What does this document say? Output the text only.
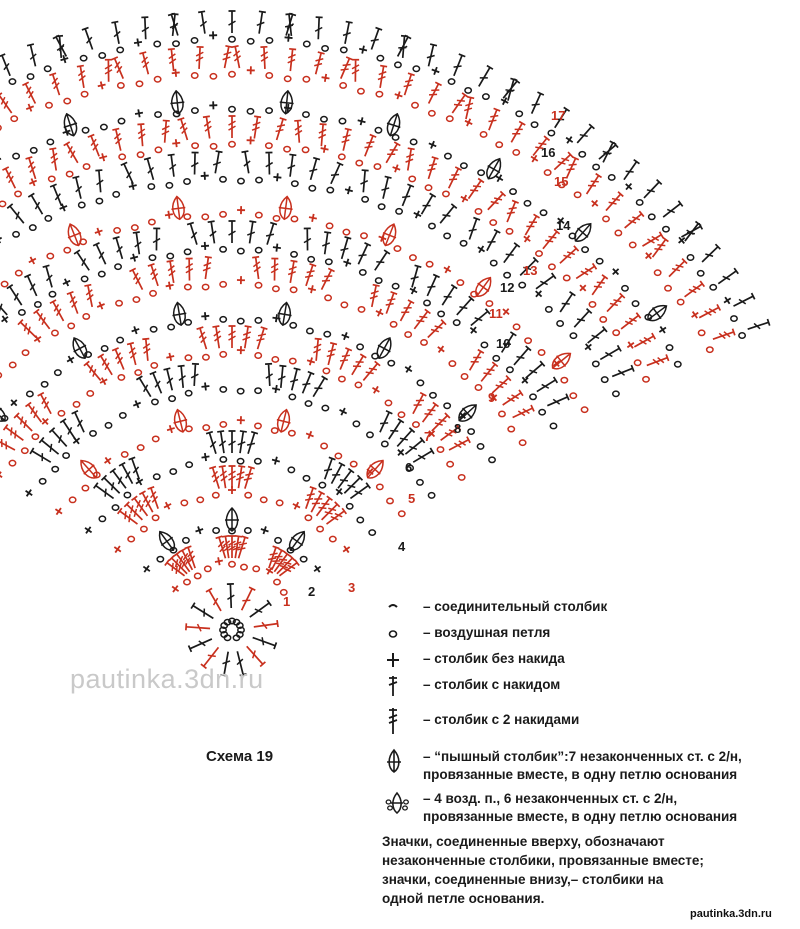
1
2	3
4
5
6
7
8
9
10
11
12
13
14
15
16
17
pautinka.3dn.ru
Схема 19
– соединительный столбик
– воздушная петля
– столбик без накида
– столбик с накидом
– столбик с 2 накидами
– “пышный столбик”:7 незаконченных ст. с 2/н,
провязанные вместе, в одну петлю основания
– 4 возд. п., 6 незаконченных ст. с 2/н,
провязанные вместе, в одну петлю основания
Значки, соединенные вверху, обозначают
незаконченные столбики, провязанные вместе;
значки, соединенные внизу,– столбики на
одной петле основания.
pautinka.3dn.ru
